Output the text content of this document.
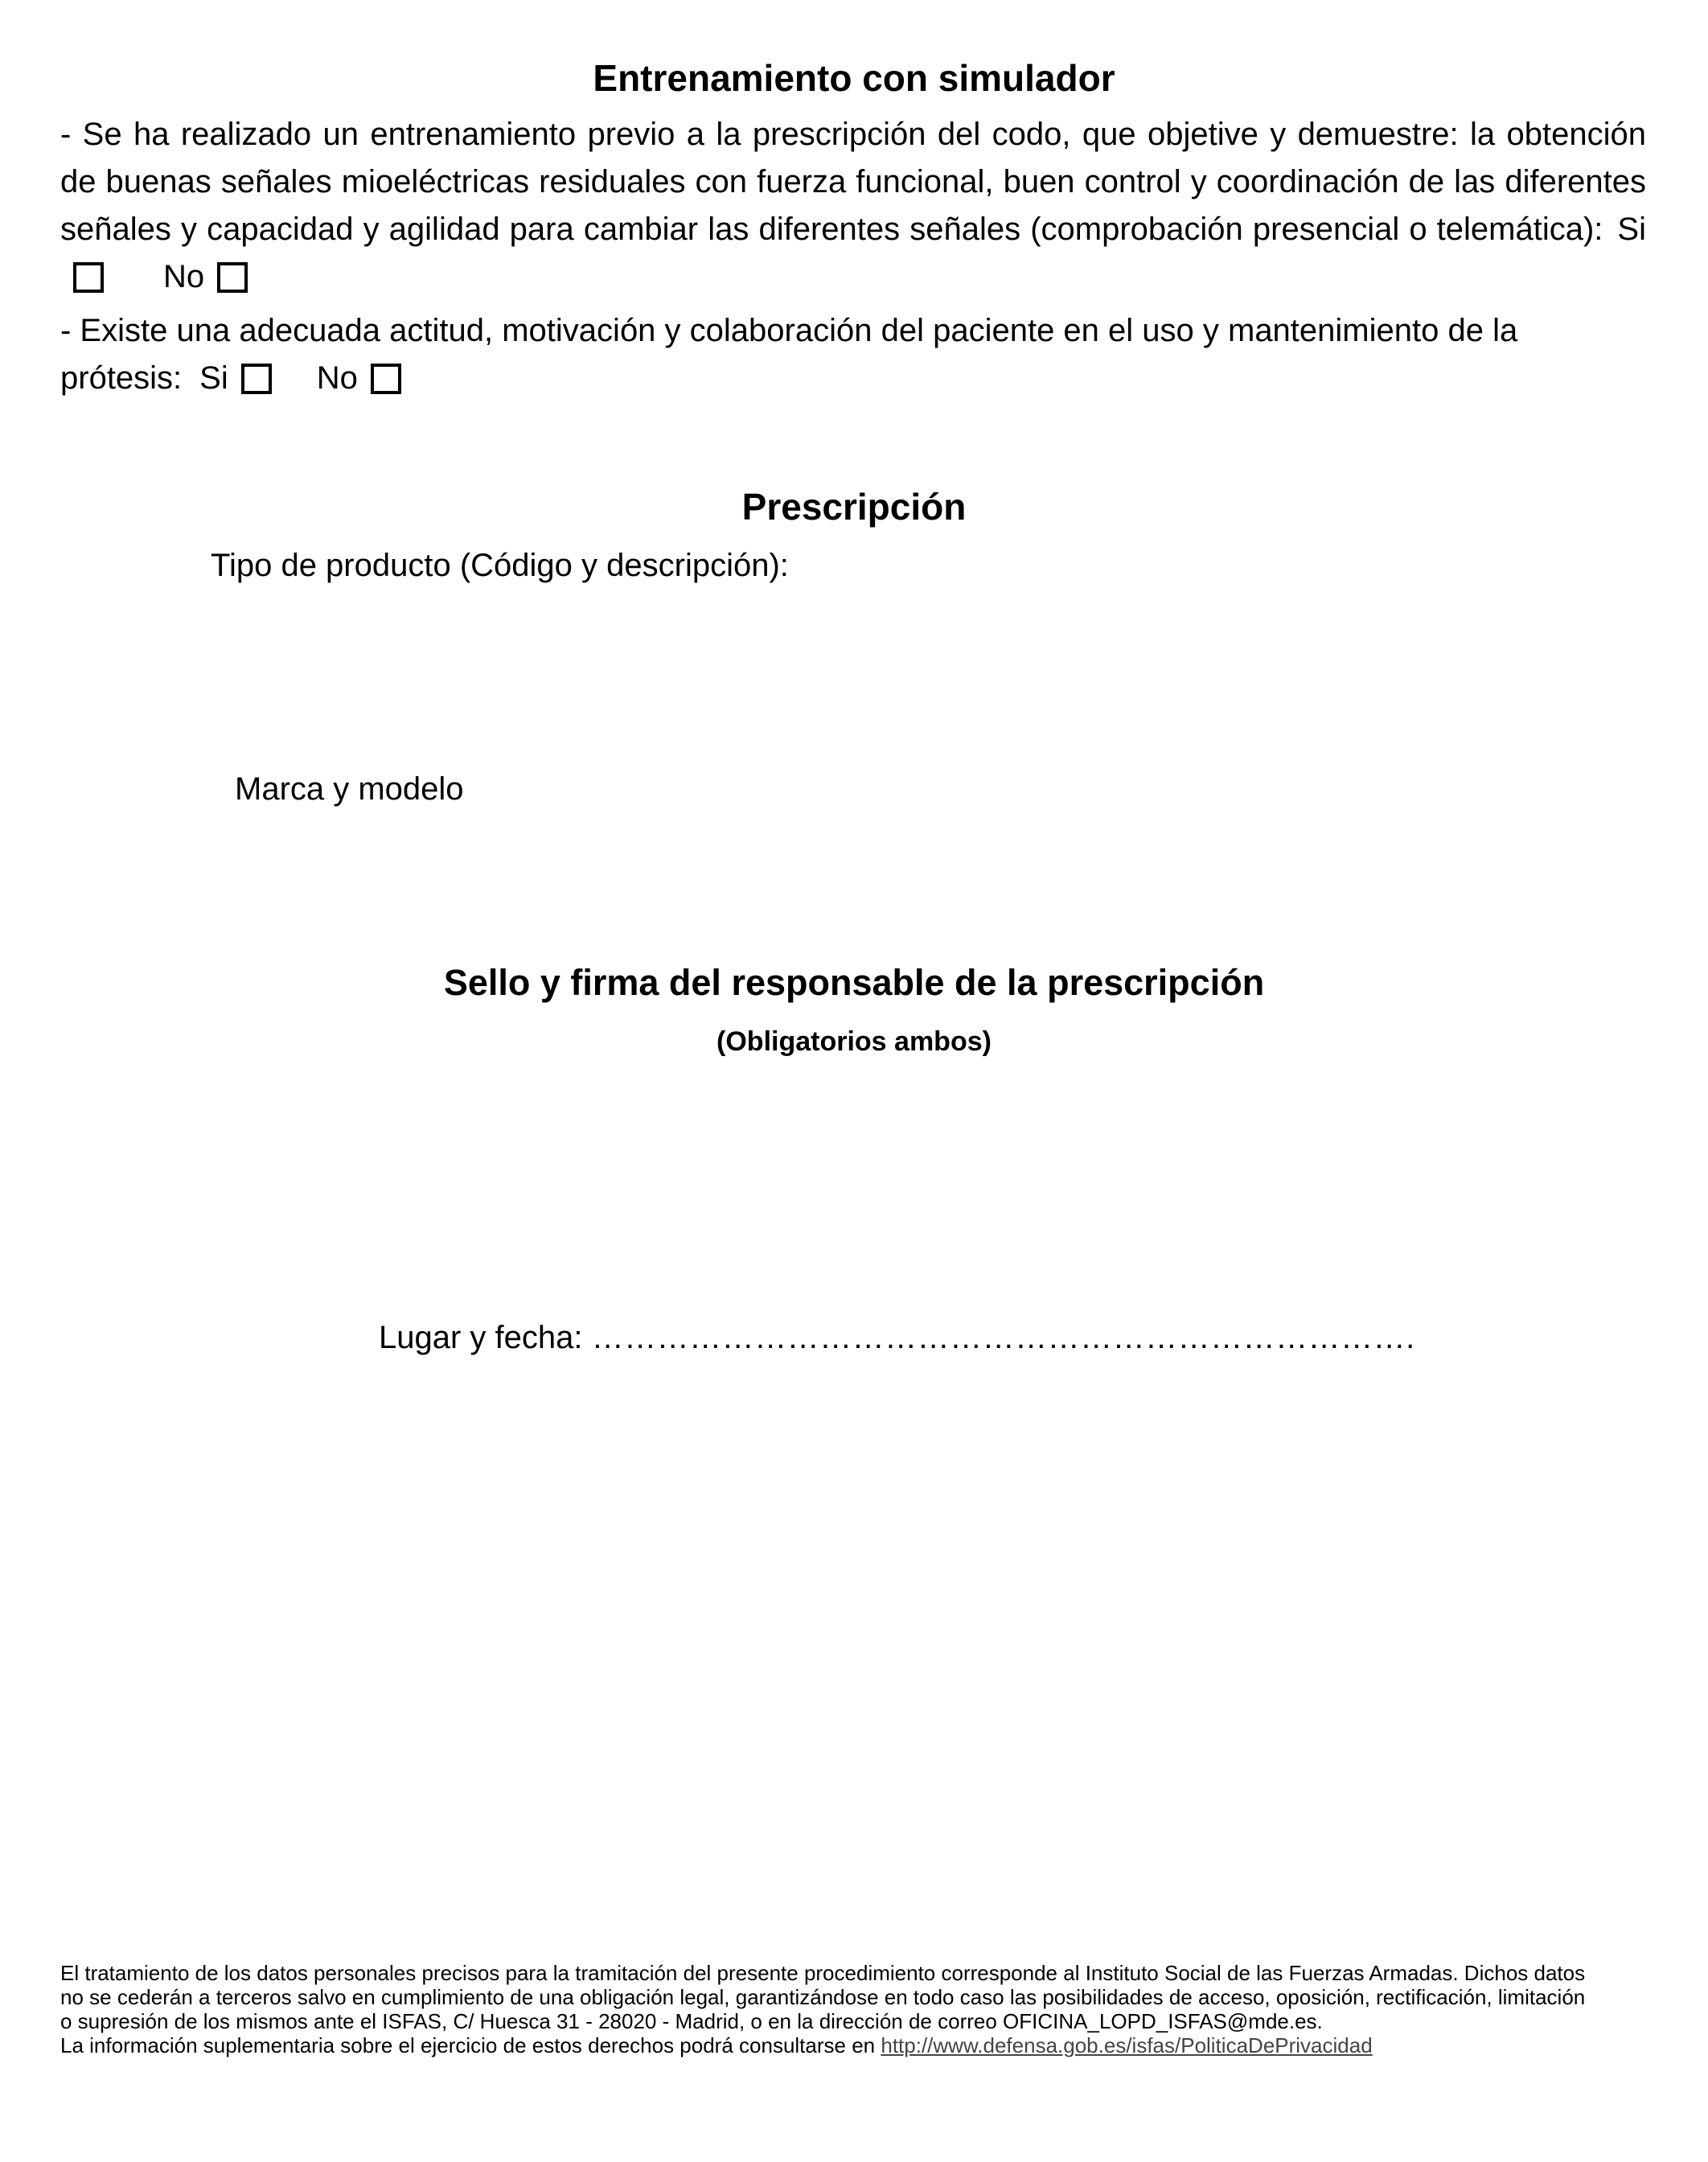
Entrenamiento con simulador
- Se ha realizado un entrenamiento previo a la prescripción del codo, que objetive y demuestre: la obtención de buenas señales mioeléctricas residuales con fuerza funcional, buen control y coordinación de las diferentes señales y capacidad y agilidad para cambiar las diferentes señales (comprobación presencial o telemática): SiNo
- Existe una adecuada actitud, motivación y colaboración del paciente en el uso y mantenimiento de la prótesis: Si	No
Prescripción
Tipo de producto (Código y descripción):
Marca y modelo
Sello y firma del responsable de la prescripción
(Obligatorios ambos)
Lugar y fecha: ………………………………………………………………….
El tratamiento de los datos personales precisos para la tramitación del presente procedimiento corresponde al Instituto Social de las Fuerzas Armadas. Dichos datos
no se cederán a terceros salvo en cumplimiento de una obligación legal, garantizándose en todo caso las posibilidades de acceso, oposición, rectificación, limitación
o supresión de los mismos ante el ISFAS, C/ Huesca 31 - 28020 - Madrid, o en la dirección de correo OFICINA_LOPD_ISFAS@mde.es.
La información suplementaria sobre el ejercicio de estos derechos podrá consultarse en http://www.defensa.gob.es/isfas/PoliticaDePrivacidad
